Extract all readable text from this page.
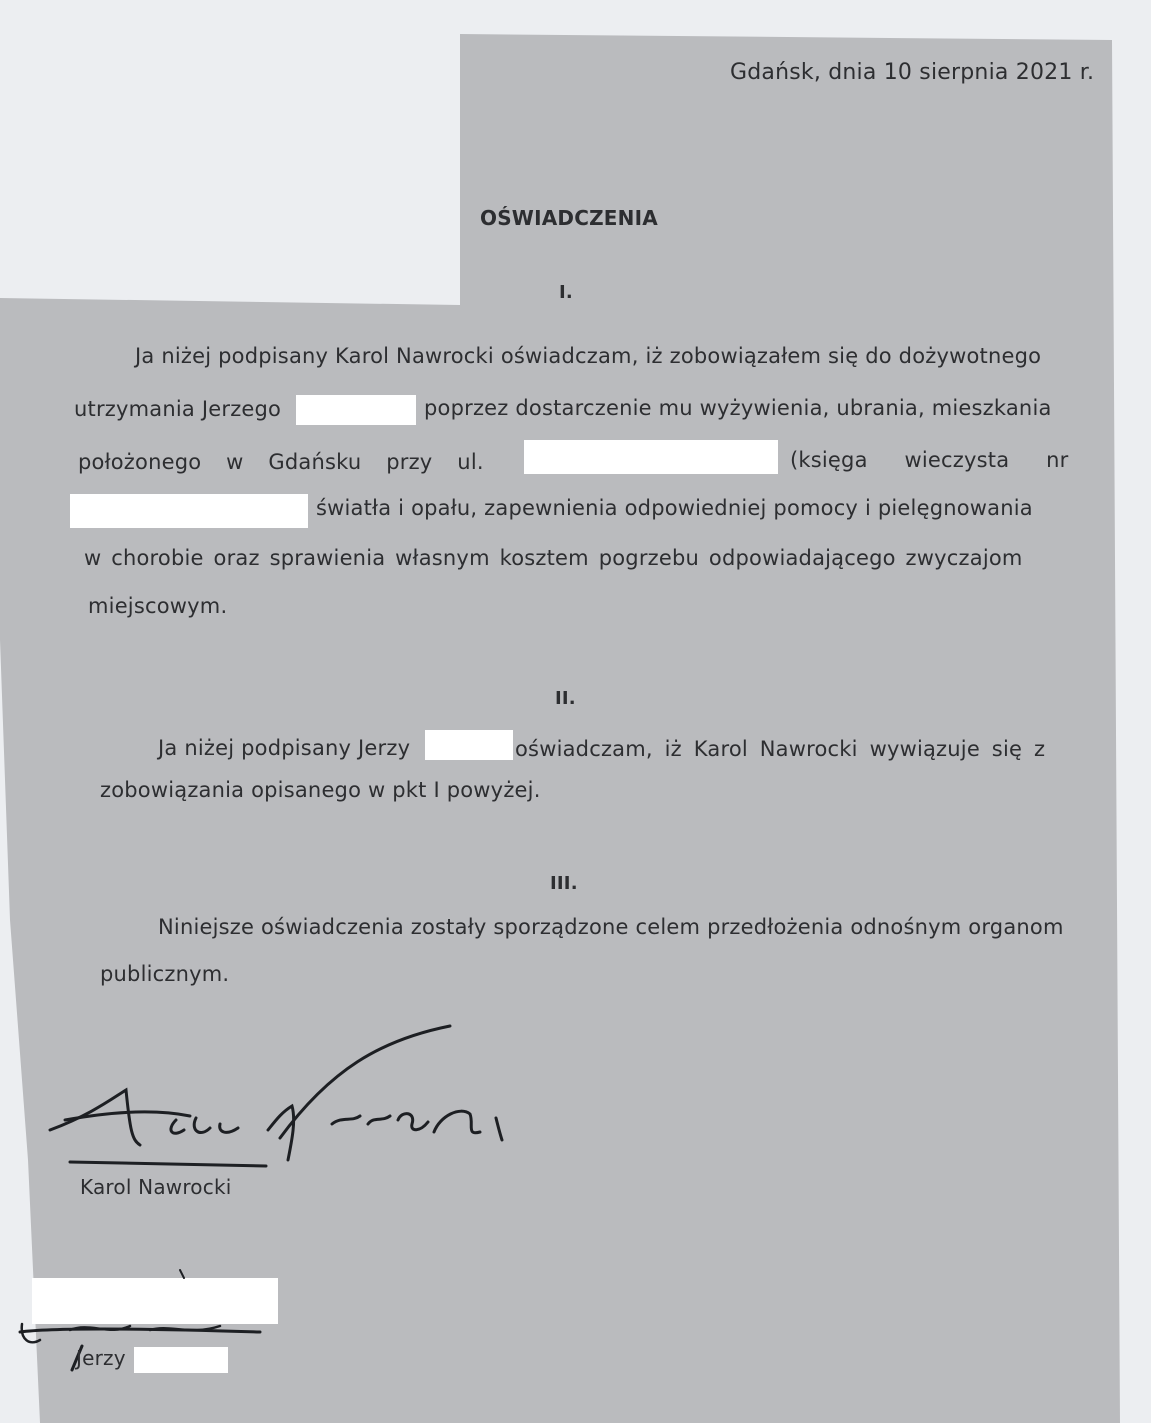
Gdańsk, dnia 10 sierpnia 2021 r.
OŚWIADCZENIA
I.
Ja niżej podpisany Karol Nawrocki oświadczam, iż zobowiązałem się do dożywotnego
utrzymania Jerzego	poprzez dostarczenie mu wyżywienia, ubrania, mieszkania
położonego w Gdańsku przy ul.	(księga wieczysta nr
światła i opału, zapewnienia odpowiedniej pomocy i pielęgnowania
w chorobie oraz sprawienia własnym kosztem pogrzebu odpowiadającego zwyczajom
miejscowym.
II.
Ja niżej podpisany Jerzy	oświadczam, iż Karol Nawrocki wywiązuje się z
zobowiązania opisanego w pkt I powyżej.
III.
Niniejsze oświadczenia zostały sporządzone celem przedłożenia odnośnym organom
publicznym.
Karol Nawrocki
Jerzy
